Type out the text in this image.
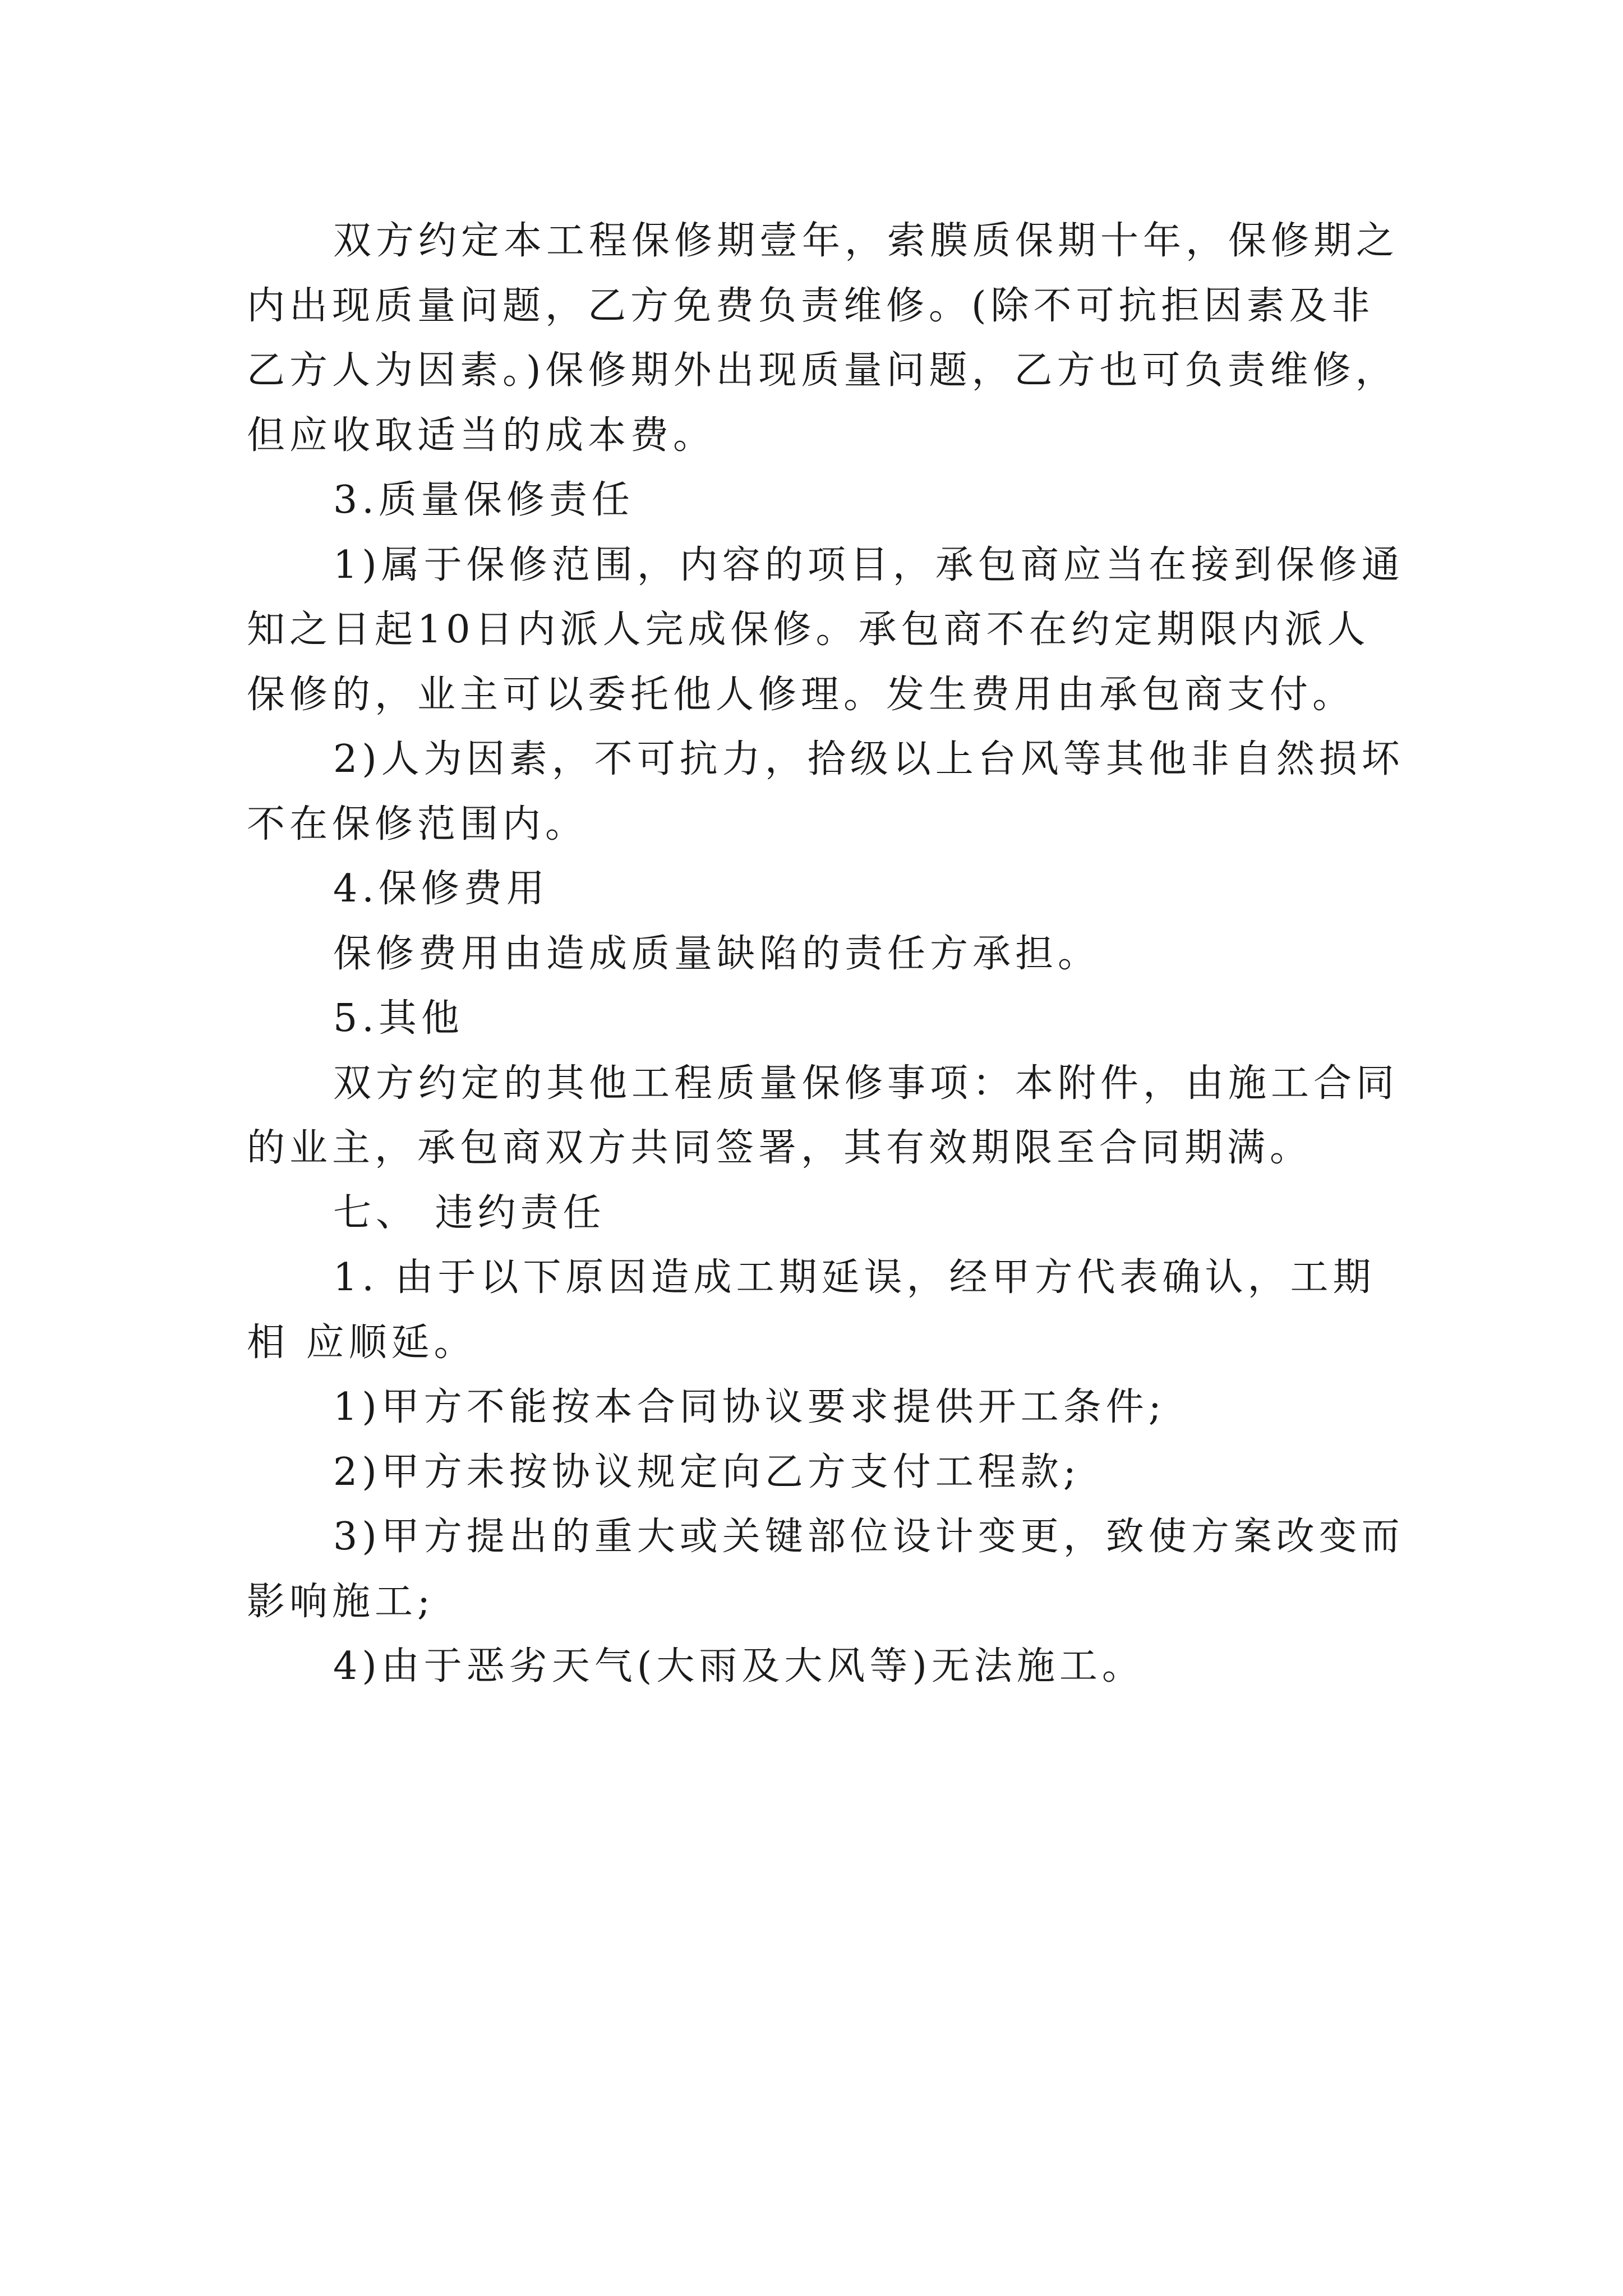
双方约定本工程保修期壹年，索膜质保期十年，保修期之内出现质量问题，乙方免费负责维修。(除不可抗拒因素及非乙方人为因素。)保修期外出现质量问题，乙方也可负责维修，但应收取适当的成本费。

3.质量保修责任

1)属于保修范围，内容的项目，承包商应当在接到保修通知之日起10日内派人完成保修。承包商不在约定期限内派人保修的，业主可以委托他人修理。发生费用由承包商支付。

2)人为因素，不可抗力，拾级以上台风等其他非自然损坏不在保修范围内。

4.保修费用

保修费用由造成质量缺陷的责任方承担。

5.其他

双方约定的其他工程质量保修事项：本附件，由施工合同的业主，承包商双方共同签署，其有效期限至合同期满。

七、 违约责任

1. 由于以下原因造成工期延误，经甲方代表确认，工期相 应顺延。

1)甲方不能按本合同协议要求提供开工条件;

2)甲方未按协议规定向乙方支付工程款;

3)甲方提出的重大或关键部位设计变更，致使方案改变而影响施工;

4)由于恶劣天气(大雨及大风等)无法施工。
